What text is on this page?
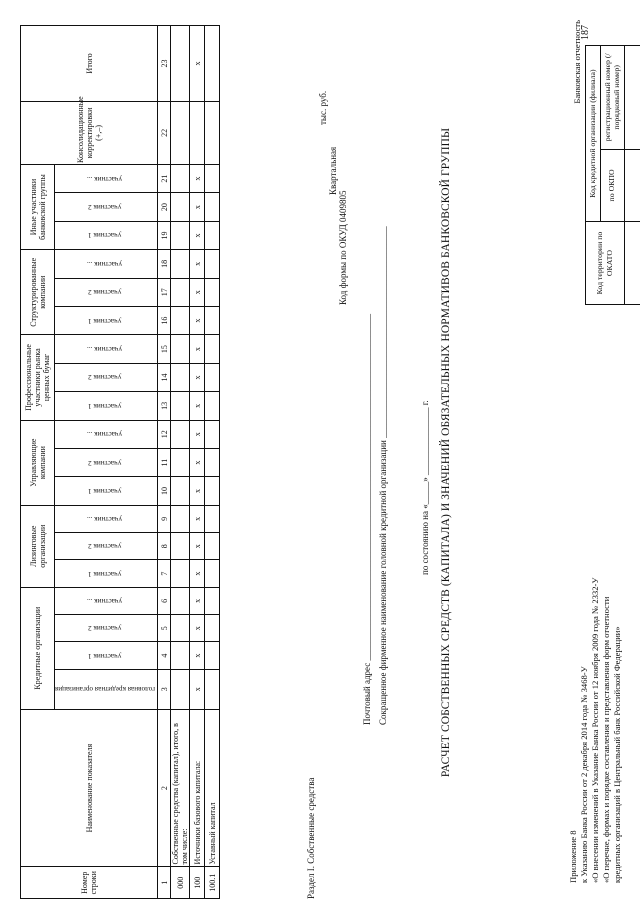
Приложение 8 к Указанию Банка России от 2 декабря 2014 года № 3468-У «О внесении изменений в Указание Банка России от 12 ноября 2009 года № 2332-У «О перечне, формах и порядке составления и представления форм отчетности кредитных организаций в Центральный банк Российской Федерации»
Банковская отчетность
Код территории по ОКАТО	Код кредитной организации (филиала)	
	по ОКПО	регистрационный номер (/порядковый номер)

РАСЧЕТ СОБСТВЕННЫХ СРЕДСТВ (КАПИТАЛА) И ЗНАЧЕНИЙ ОБЯЗАТЕЛЬНЫХ НОРМАТИВОВ БАНКОВСКОЙ ГРУППЫ
по состоянию на «_____» _______________ г.
Сокращенное фирменное наименование головной кредитной организации _______________________________________________
Почтовый адрес _____________________________________________________________________________
Код формы по ОКУД 0409805
Квартальная
тыс. руб.
Раздел I. Собственные средства
187
Номер строки	Наименование показателя	Кредитные организации				Лизинговые организации			Управляющие компании			Профессиональные участники рынка ценных бумаг			Структурированные компании			Иные участники банковской группы			Консолидационные корректировки (+,–)	Итого
		головная кредитная организация	участник 1	участник 2	участник ...	участник 1	участник 2	участник ...	участник 1	участник 2	участник ...	участник 1	участник 2	участник ...	участник 1	участник 2	участник ...	участник 1	участник 2	участник ...		
1	2	3	4	5	6	7	8	9	10	11	12	13	14	15	16	17	18	19	20	21	22	23
000	Собственные средства (капитал), итого, в том числе:																					
100	Источники базового капитала:	x	x	x	x	x	x	x	x	x	x	x	x	x	x	x	x	x	x	x		x
100.1	Уставный капитал																					
